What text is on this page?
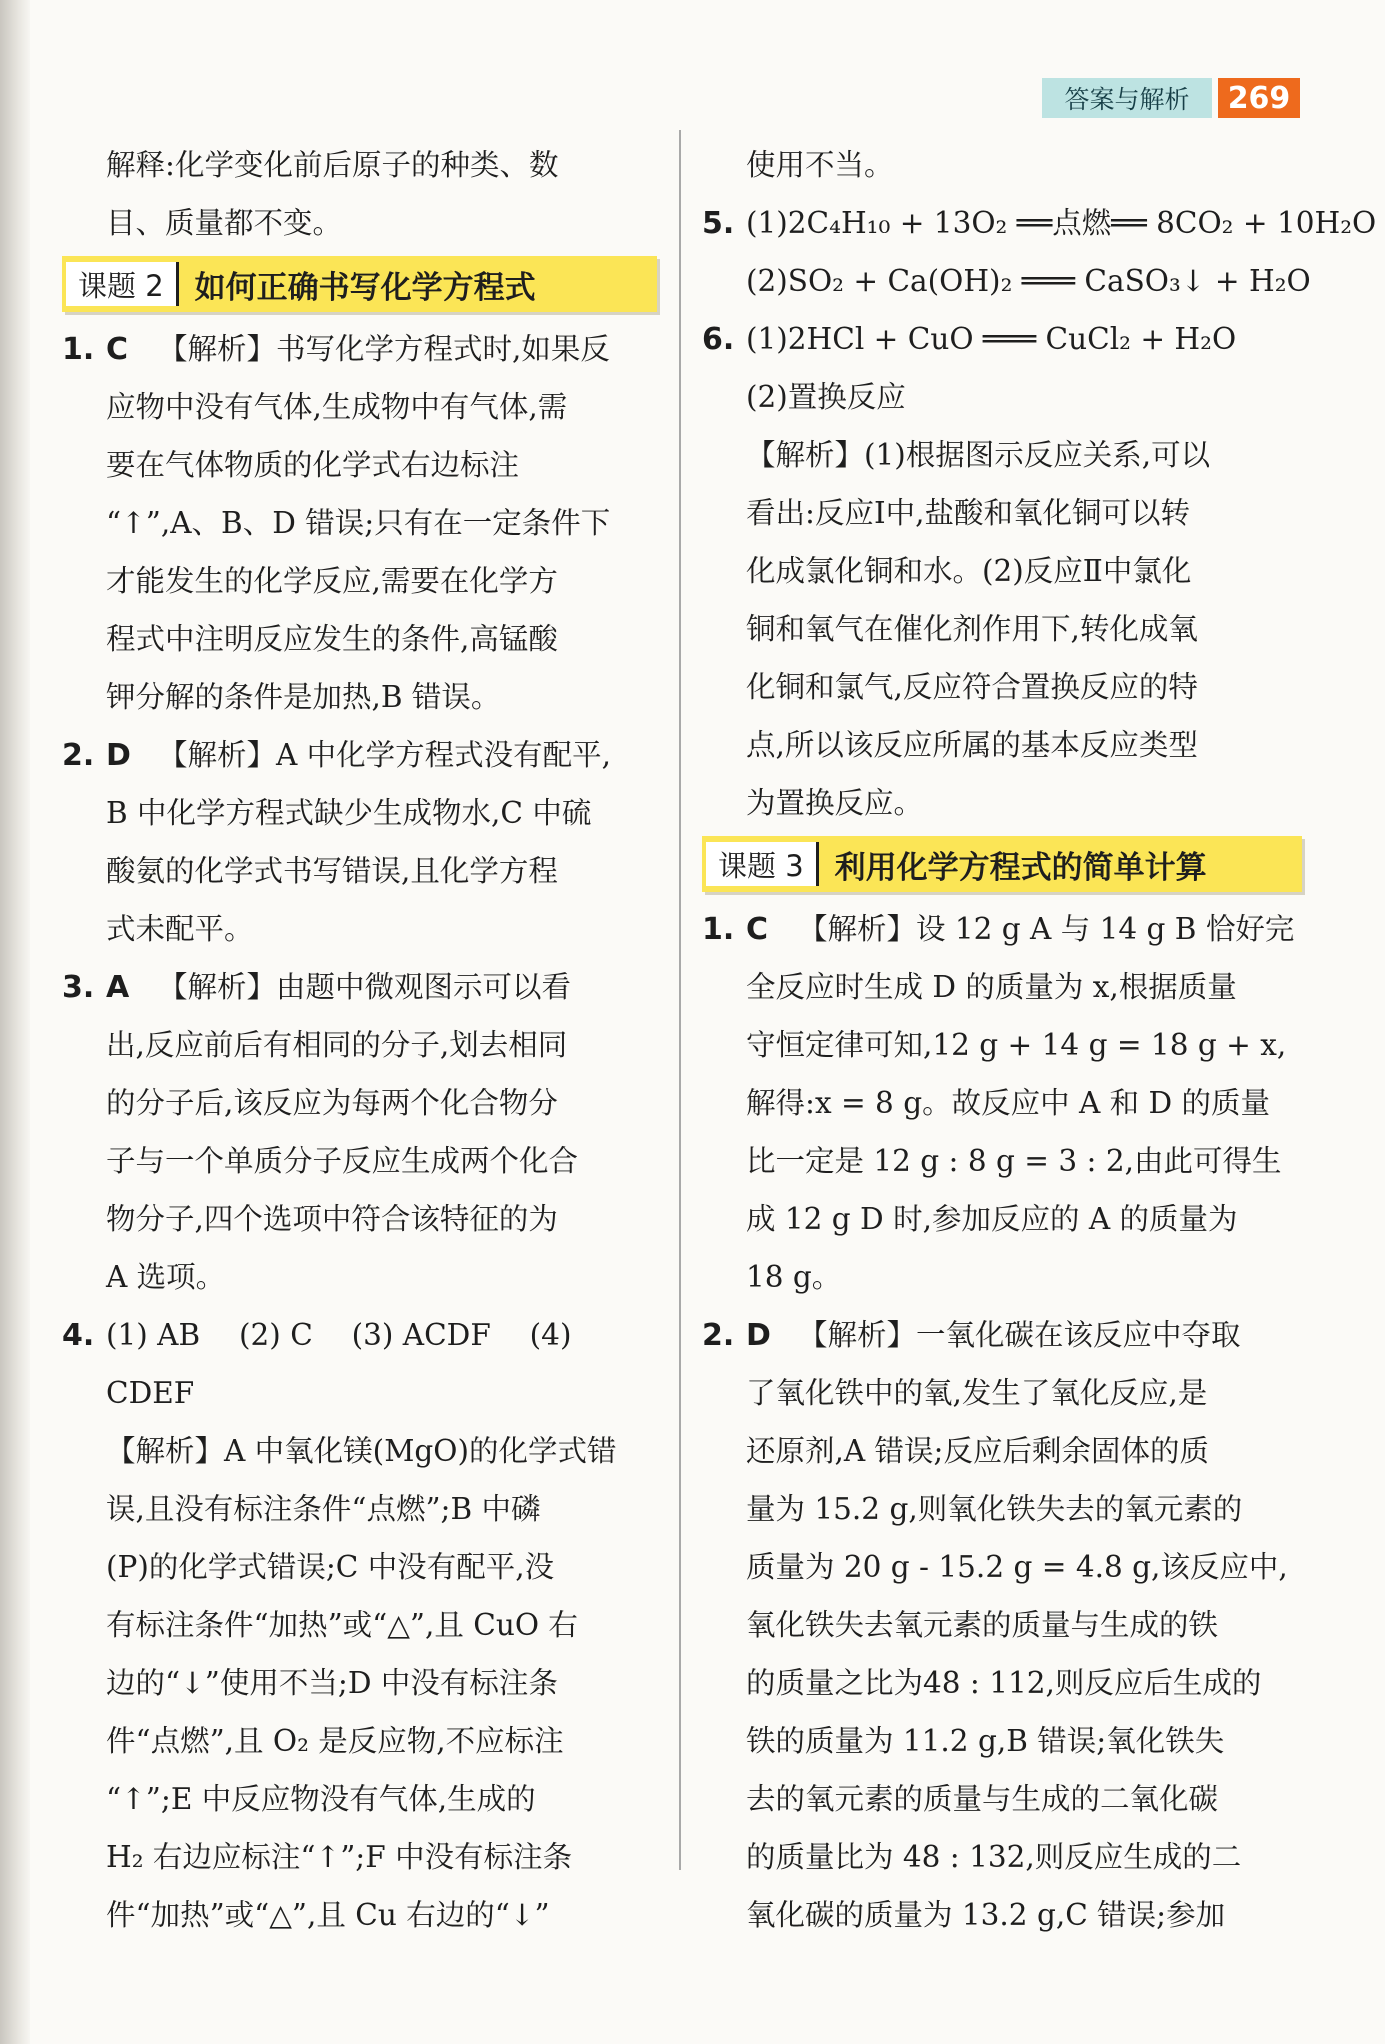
答案与解析	269
解释:化学变化前后原子的种类、数
目、质量都不变。
课题 2	如何正确书写化学方程式
1. C 【解析】书写化学方程式时,如果反
应物中没有气体,生成物中有气体,需
要在气体物质的化学式右边标注
“↑”,A、B、D 错误;只有在一定条件下
才能发生的化学反应,需要在化学方
程式中注明反应发生的条件,高锰酸
钾分解的条件是加热,B 错误。
2. D 【解析】A 中化学方程式没有配平,
B 中化学方程式缺少生成物水,C 中硫
酸氨的化学式书写错误,且化学方程
式未配平。
3. A 【解析】由题中微观图示可以看
出,反应前后有相同的分子,划去相同
的分子后,该反应为每两个化合物分
子与一个单质分子反应生成两个化合
物分子,四个选项中符合该特征的为
A 选项。
4. (1) AB　 (2) C　 (3) ACDF　 (4)
CDEF
【解析】A 中氧化镁(MgO)的化学式错
误,且没有标注条件“点燃”;B 中磷
(P)的化学式错误;C 中没有配平,没
有标注条件“加热”或“△”,且 CuO 右
边的“↓”使用不当;D 中没有标注条
件“点燃”,且 O₂ 是反应物,不应标注
“↑”;E 中反应物没有气体,生成的
H₂ 右边应标注“↑”;F 中没有标注条
件“加热”或“△”,且 Cu 右边的“↓”
使用不当。
5. (1)2C₄H₁₀ + 13O₂ ══点燃══ 8CO₂ + 10H₂O
(2)SO₂ + Ca(OH)₂ ═══ CaSO₃↓ + H₂O
6. (1)2HCl + CuO ═══ CuCl₂ + H₂O
(2)置换反应
【解析】(1)根据图示反应关系,可以
看出:反应Ⅰ中,盐酸和氧化铜可以转
化成氯化铜和水。(2)反应Ⅱ中氯化
铜和氧气在催化剂作用下,转化成氧
化铜和氯气,反应符合置换反应的特
点,所以该反应所属的基本反应类型
为置换反应。
课题 3	利用化学方程式的简单计算
1. C 【解析】设 12 g A 与 14 g B 恰好完
全反应时生成 D 的质量为 x,根据质量
守恒定律可知,12 g + 14 g = 18 g + x,
解得:x = 8 g。故反应中 A 和 D 的质量
比一定是 12 g : 8 g = 3 : 2,由此可得生
成 12 g D 时,参加反应的 A 的质量为
18 g。
2. D 【解析】一氧化碳在该反应中夺取
了氧化铁中的氧,发生了氧化反应,是
还原剂,A 错误;反应后剩余固体的质
量为 15.2 g,则氧化铁失去的氧元素的
质量为 20 g - 15.2 g = 4.8 g,该反应中,
氧化铁失去氧元素的质量与生成的铁
的质量之比为48 : 112,则反应后生成的
铁的质量为 11.2 g,B 错误;氧化铁失
去的氧元素的质量与生成的二氧化碳
的质量比为 48 : 132,则反应生成的二
氧化碳的质量为 13.2 g,C 错误;参加
